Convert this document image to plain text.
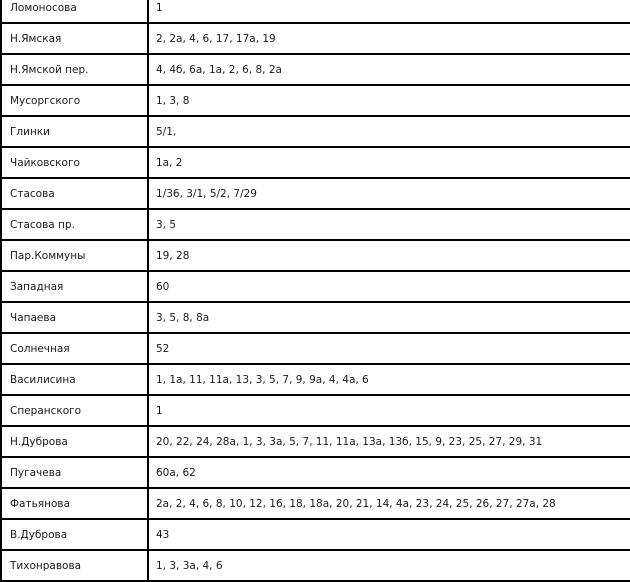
Ломоносова	1
Н.Ямская	2, 2а, 4, 6, 17, 17а, 19
Н.Ямской пер.	4, 4б, 6а, 1а, 2, 6, 8, 2а
Мусоргского	1, 3, 8
Глинки	5/1,
Чайковского	1а, 2
Стасова	1/36, 3/1, 5/2, 7/29
Стасова пр.	3, 5
Пар.Коммуны	19, 28
Западная	60
Чапаева	3, 5, 8, 8а
Солнечная	52
Василисина	1, 1а, 11, 11а, 13, 3, 5, 7, 9, 9а, 4, 4а, 6
Сперанского	1
Н.Дуброва	20, 22, 24, 28а, 1, 3, 3а, 5, 7, 11, 11а, 13а, 13б, 15, 9, 23, 25, 27, 29, 31
Пугачева	60а, 62
Фатьянова	2а, 2, 4, 6, 8, 10, 12, 16, 18, 18а, 20, 21, 14, 4а, 23, 24, 25, 26, 27, 27а, 28
В.Дуброва	43
Тихонравова	1, 3, 3а, 4, 6
